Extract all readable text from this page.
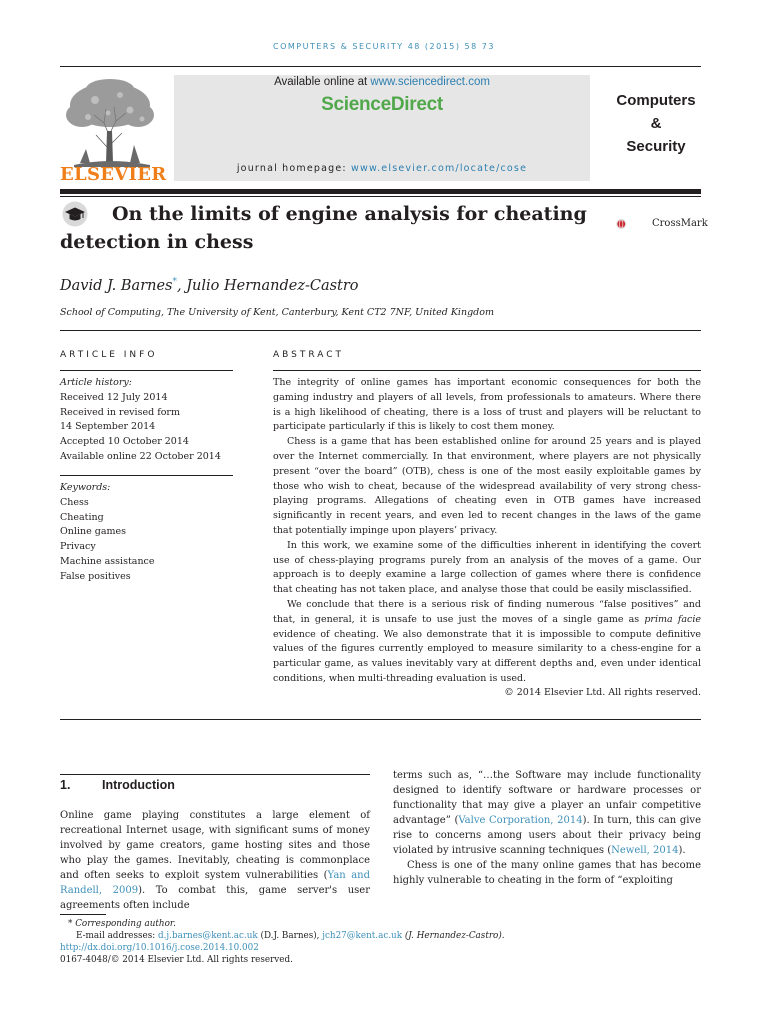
COMPUTERS & SECURITY 48 (2015) 58 73
ELSEVIER
Available online at www.sciencedirect.com
ScienceDirect
journal homepage: www.elsevier.com/locate/cose
Computers
&
Security
On the limits of engine analysis for cheating detection in chess
CrossMark
David J. Barnes*, Julio Hernandez-Castro
School of Computing, The University of Kent, Canterbury, Kent CT2 7NF, United Kingdom
ARTICLE INFO
Article history:
Received 12 July 2014
Received in revised form
14 September 2014
Accepted 10 October 2014
Available online 22 October 2014
Keywords:
Chess
Cheating
Online games
Privacy
Machine assistance
False positives
ABSTRACT

The integrity of online games has important economic consequences for both the gaming industry and players of all levels, from professionals to amateurs. Where there is a high likelihood of cheating, there is a loss of trust and players will be reluctant to participate particularly if this is likely to cost them money.

Chess is a game that has been established online for around 25 years and is played over the Internet commercially. In that environment, where players are not physically present “over the board” (OTB), chess is one of the most easily exploitable games by those who wish to cheat, because of the widespread availability of very strong chess-playing programs. Allegations of cheating even in OTB games have increased significantly in recent years, and even led to recent changes in the laws of the game that potentially impinge upon players’ privacy.

In this work, we examine some of the difficulties inherent in identifying the covert use of chess-playing programs purely from an analysis of the moves of a game. Our approach is to deeply examine a large collection of games where there is confidence that cheating has not taken place, and analyse those that could be easily misclassified.

We conclude that there is a serious risk of finding numerous “false positives” and that, in general, it is unsafe to use just the moves of a single game as prima facie evidence of cheating. We also demonstrate that it is impossible to compute definitive values of the figures currently employed to measure similarity to a chess-engine for a particular game, as values inevitably vary at different depths and, even under identical conditions, when multi-threading evaluation is used.

© 2014 Elsevier Ltd. All rights reserved.
1.	Introduction

Online game playing constitutes a large element of recreational Internet usage, with significant sums of money involved by game creators, game hosting sites and those who play the games. Inevitably, cheating is commonplace and often seeks to exploit system vulnerabilities (Yan and Randell, 2009). To combat this, game server's user agreements often include

terms such as, “…the Software may include functionality designed to identify software or hardware processes or functionality that may give a player an unfair competitive advantage” (Valve Corporation, 2014). In turn, this can give rise to concerns among users about their privacy being violated by intrusive scanning techniques (Newell, 2014).

Chess is one of the many online games that has become highly vulnerable to cheating in the form of “exploiting

* Corresponding author.
E-mail addresses: d.j.barnes@kent.ac.uk (D.J. Barnes), jch27@kent.ac.uk (J. Hernandez-Castro).
http://dx.doi.org/10.1016/j.cose.2014.10.002
0167-4048/© 2014 Elsevier Ltd. All rights reserved.
